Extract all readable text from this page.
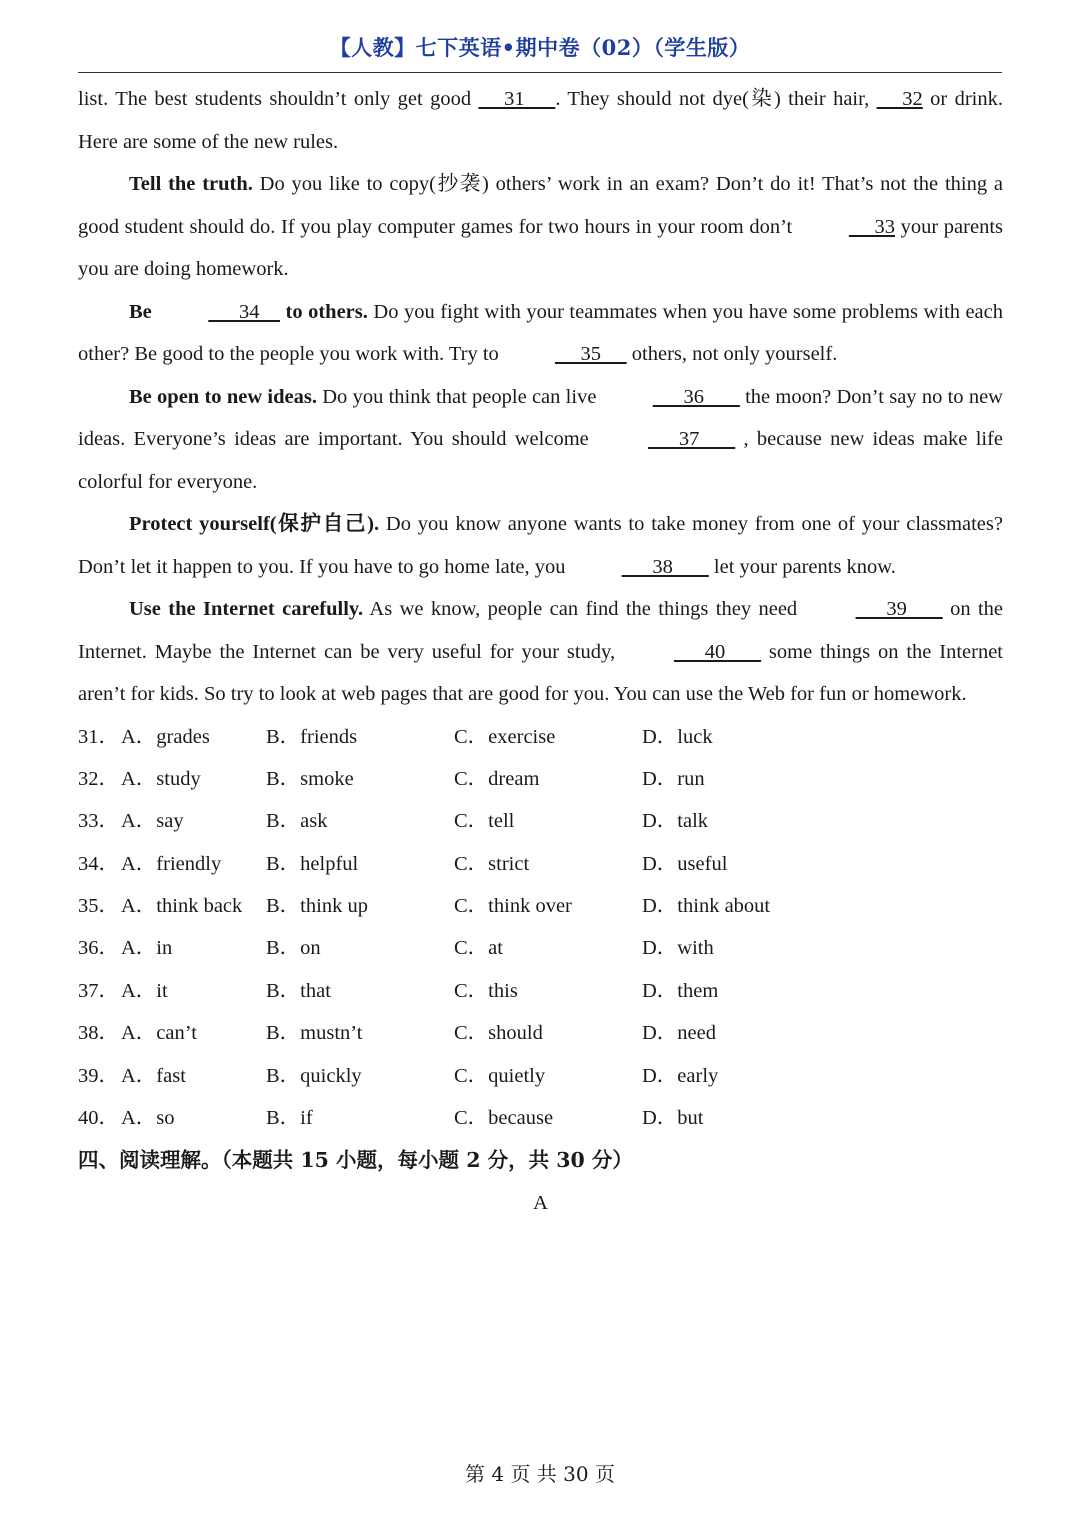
【人教】七下英语•期中卷（02）（学生版）

list. The best students shouldn’t only get good      31      . They should not dye(染) their hair,      32 or drink. Here are some of the new rules.

Tell the truth. Do you like to copy(抄袭) others’ work in an exam? Don’t do it! That’s not the thing a good student should do. If you play computer games for two hours in your room don’t      33 your parents you are doing homework.

Be       34     to others. Do you fight with your teammates when you have some problems with each other? Be good to the people you work with. Try to      35      others, not only yourself.

Be open to new ideas. Do you think that people can live       36        the moon? Don’t say no to new ideas. Everyone’s ideas are important. You should welcome       37        , because new ideas make life colorful for everyone.

Protect yourself(保护自己). Do you know anyone wants to take money from one of your classmates? Don’t let it happen to you. If you have to go home late, you       38        let your parents know.

Use the Internet carefully. As we know, people can find the things they need       39        on the Internet. Maybe the Internet can be very useful for your study,       40        some things on the Internet aren’t for kids. So try to look at web pages that are good for you. You can use the Web for fun or homework.

31． A．grades	B．friends	C．exercise	D．luck
32． A．study	B．smoke	C．dream	D．run
33． A．say	B．ask	C．tell	D．talk
34． A．friendly	B．helpful	C．strict	D．useful
35． A．think back	B．think up	C．think over	D．think about
36． A．in	B．on	C．at	D．with
37． A．it	B．that	C．this	D．them
38． A．can’t	B．mustn’t	C．should	D．need
39． A．fast	B．quickly	C．quietly	D．early
40． A．so	B．if	C．because	D．but
四、阅读理解。（本题共 15 小题，每小题 2 分，共 30 分）
A
第 4 页 共 30 页
